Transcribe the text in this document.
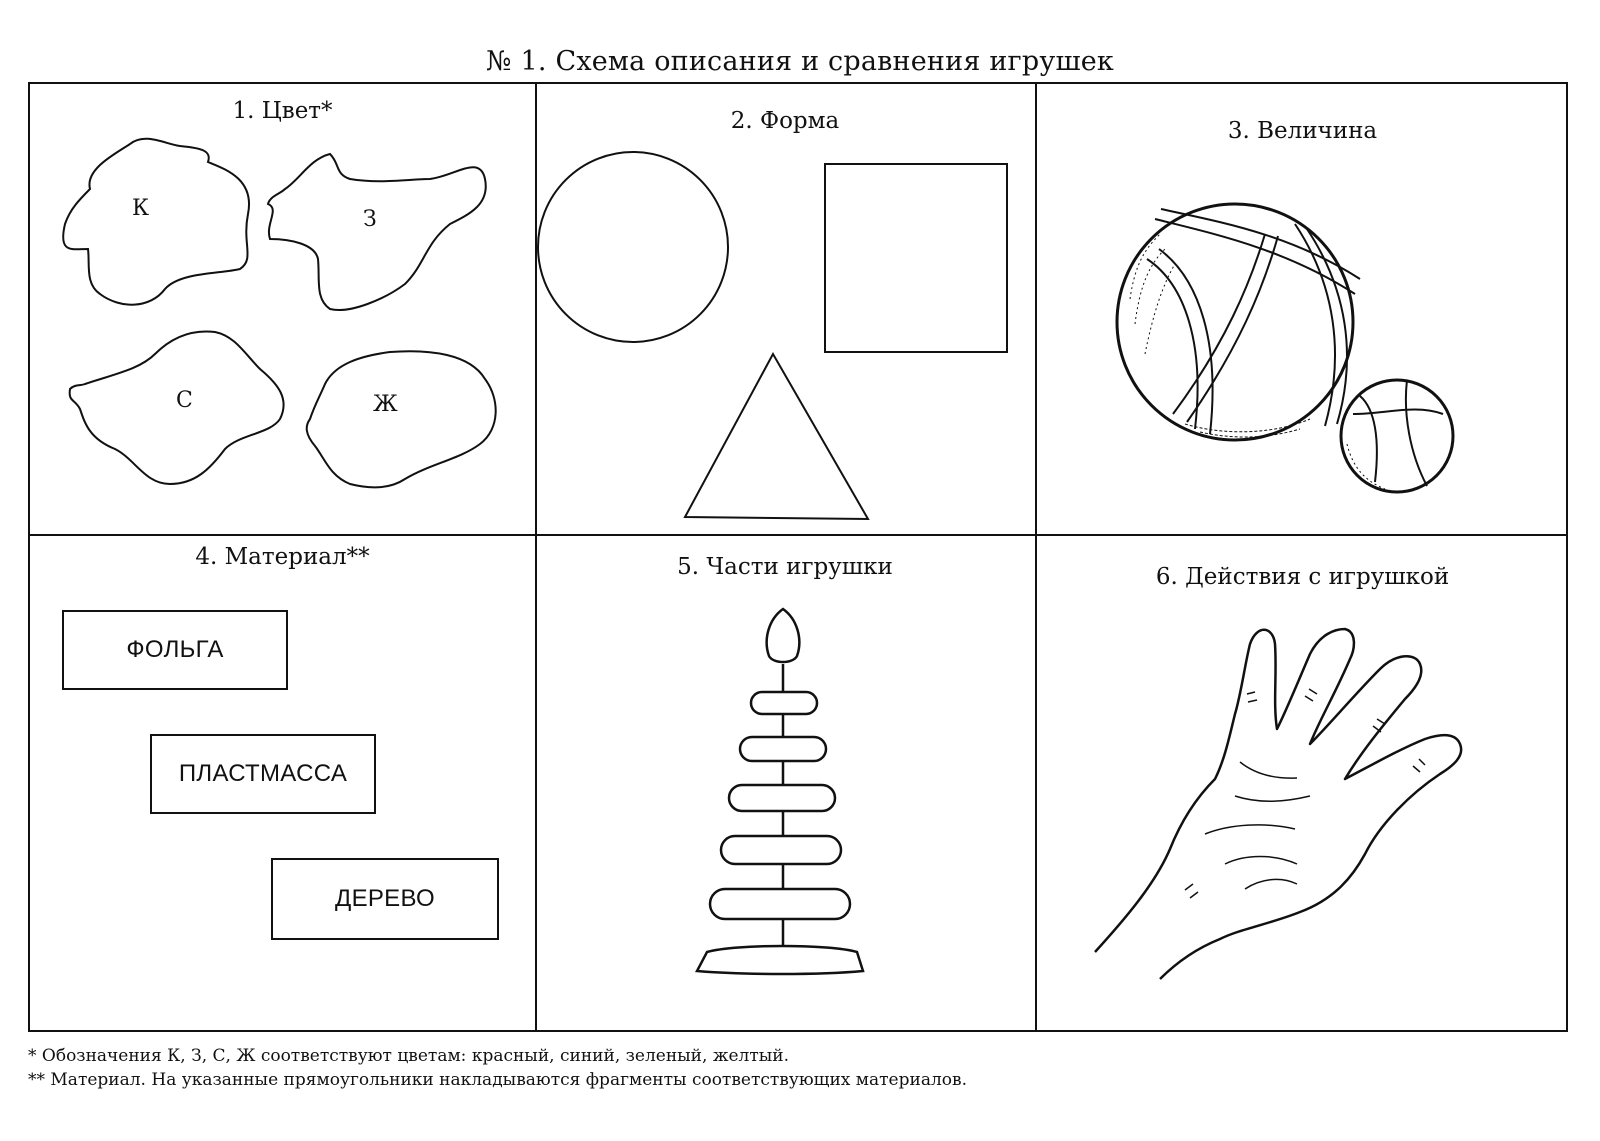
№ 1. Схема описания и сравнения игрушек
1. Цвет*
К	З
С	Ж
2. Форма	3. Величина
4. Материал**
ФОЛЬГА
ПЛАСТМАССА
ДЕРЕВО
5. Части игрушки	6. Действия с игрушкой
* Обозначения К, З, С, Ж соответствуют цветам: красный, синий, зеленый, желтый.
** Материал. На указанные прямоугольники накладываются фрагменты соответствующих материалов.
